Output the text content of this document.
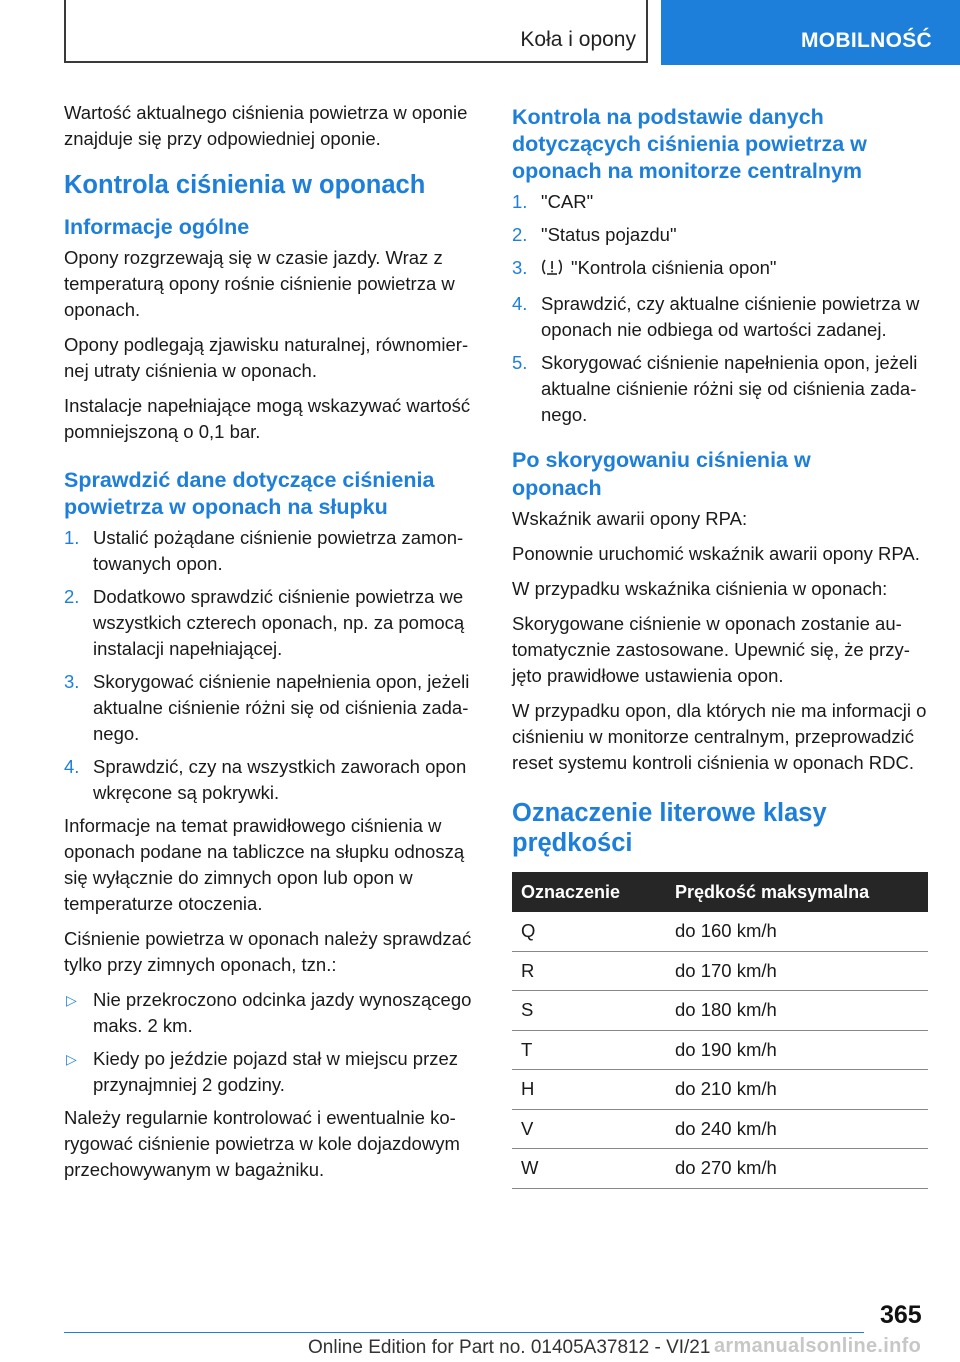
Koła i opony	MOBILNOŚĆ

Wartość aktualnego ciśnienia powietrza w oponie znajduje się przy odpowiedniej oponie.

Kontrola ciśnienia w oponach
Informacje ogólne

Opony rozgrzewają się w czasie jazdy. Wraz z temperaturą opony rośnie ciśnienie powietrza w oponach.

Opony podlegają zjawisku naturalnej, równomiernej utraty ciśnienia w oponach.

Instalacje napełniające mogą wskazywać wartość pomniejszoną o 0,1 bar.

Sprawdzić dane dotyczące ciśnienia powietrza w oponach na słupku
1. Ustalić pożądane ciśnienie powietrza zamontowanych opon.
2. Dodatkowo sprawdzić ciśnienie powietrza we wszystkich czterech oponach, np. za pomocą instalacji napełniającej.
3. Skorygować ciśnienie napełnienia opon, jeżeli aktualne ciśnienie różni się od ciśnienia zadanego.
4. Sprawdzić, czy na wszystkich zaworach opon wkręcone są pokrywki.

Informacje na temat prawidłowego ciśnienia w oponach podane na tabliczce na słupku odnoszą się wyłącznie do zimnych opon lub opon w temperaturze otoczenia.

Ciśnienie powietrza w oponach należy sprawdzać tylko przy zimnych oponach, tzn.:

▷ Nie przekroczono odcinka jazdy wynoszącego maks. 2 km.
▷ Kiedy po jeździe pojazd stał w miejscu przez przynajmniej 2 godziny.

Należy regularnie kontrolować i ewentualnie korygować ciśnienie powietrza w kole dojazdowym przechowywanym w bagażniku.

Kontrola na podstawie danych dotyczących ciśnienia powietrza w oponach na monitorze centralnym
1. "CAR"
2. "Status pojazdu"
3. "Kontrola ciśnienia opon"
4. Sprawdzić, czy aktualne ciśnienie powietrza w oponach nie odbiega od wartości zadanej.
5. Skorygować ciśnienie napełnienia opon, jeżeli aktualne ciśnienie różni się od ciśnienia zadanego.
Po skorygowaniu ciśnienia w oponach

Wskaźnik awarii opony RPA:

Ponownie uruchomić wskaźnik awarii opony RPA.

W przypadku wskaźnika ciśnienia w oponach:

Skorygowane ciśnienie w oponach zostanie automatycznie zastosowane. Upewnić się, że przyjęto prawidłowe ustawienia opon.

W przypadku opon, dla których nie ma informacji o ciśnieniu w monitorze centralnym, przeprowadzić reset systemu kontroli ciśnienia w oponach RDC.

Oznaczenie literowe klasy prędkości
Oznaczenie	Prędkość maksymalna
Q	do 160 km/h
R	do 170 km/h
S	do 180 km/h
T	do 190 km/h
H	do 210 km/h
V	do 240 km/h
W	do 270 km/h
365
Online Edition for Part no. 01405A37812 - VI/21 armanualsonline.info
